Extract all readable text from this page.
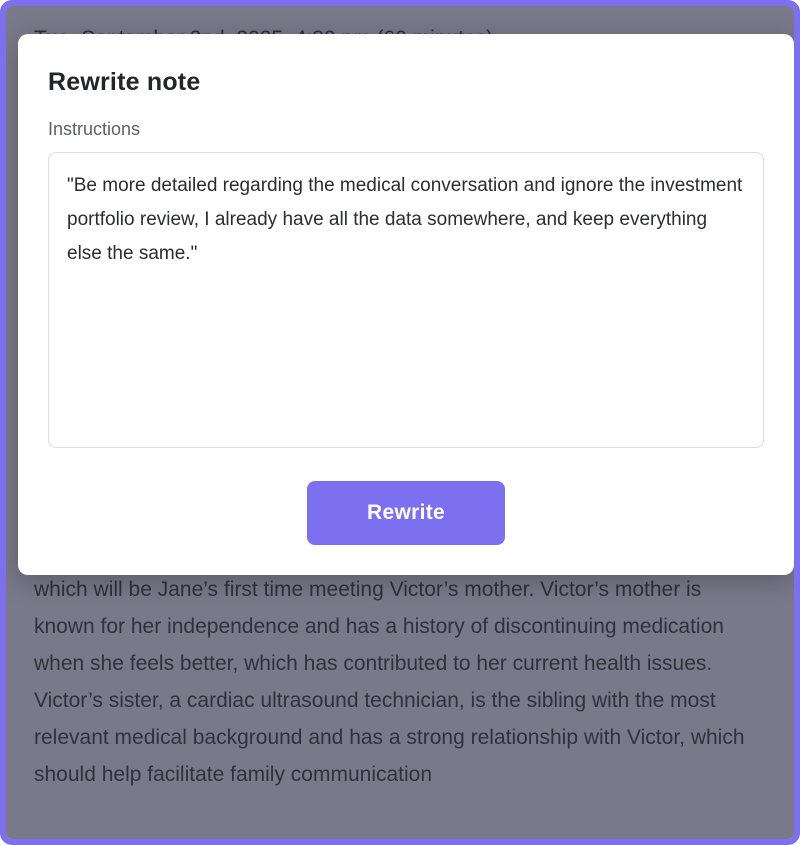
which will be Jane’s first time meeting Victor’s mother. Victor’s mother is known for her independence and has a history of discontinuing medication when she feels better, which has contributed to her current health issues. Victor’s sister, a cardiac ultrasound technician, is the sibling with the most relevant medical background and has a strong relationship with Victor, which should help facilitate family communication
Rewrite note
Instructions
"Be more detailed regarding the medical conversation and ignore the investment portfolio review, I already have all the data somewhere, and keep everything else the same."
Rewrite
